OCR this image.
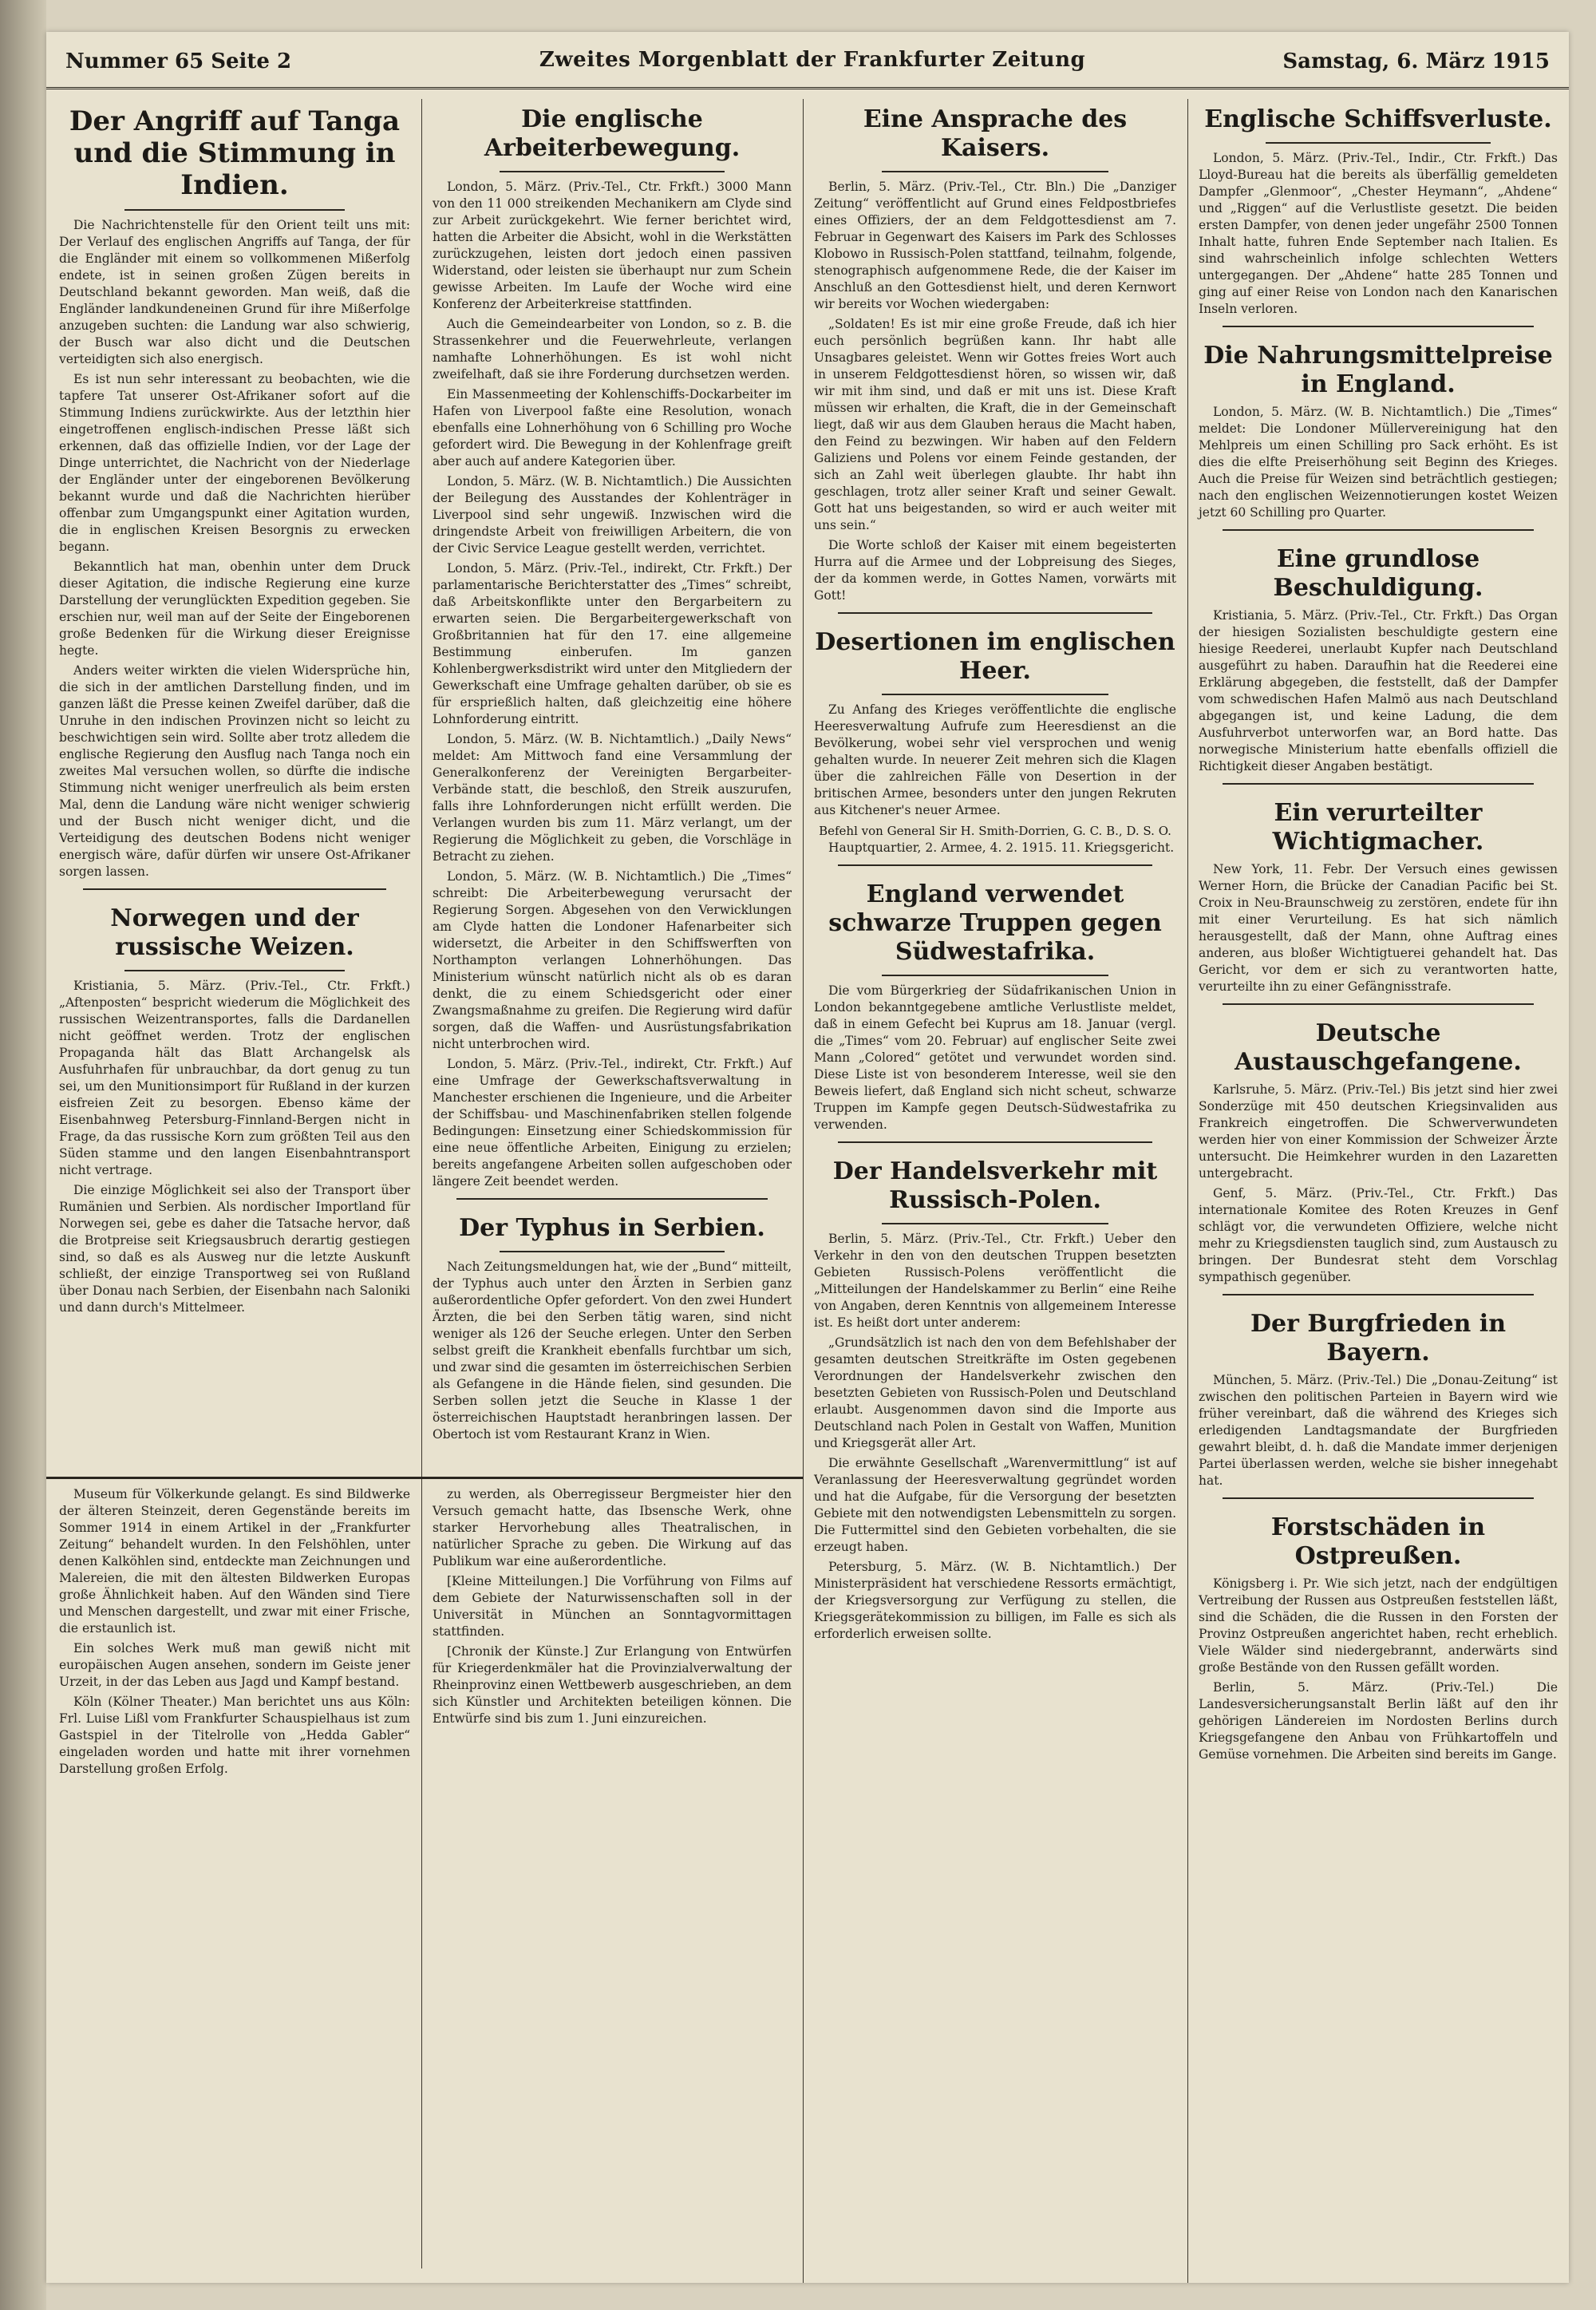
Nummer 65 Seite 2	Zweites Morgenblatt der Frankfurter Zeitung	Samstag, 6. März 1915
Der Angriff auf Tanga und die Stimmung in Indien.

Die Nachrichtenstelle für den Orient teilt uns mit: Der Verlauf des englischen Angriffs auf Tanga, der für die Engländer mit einem so vollkommenen Mißerfolg endete, ist in seinen großen Zügen bereits in Deutschland bekannt geworden. Man weiß, daß die Engländer landkundeneinen Grund für ihre Mißerfolge anzugeben suchten: die Landung war also schwierig, der Busch war also dicht und die Deutschen verteidigten sich also energisch.

Es ist nun sehr interessant zu beobachten, wie die tapfere Tat unserer Ost-Afrikaner sofort auf die Stimmung Indiens zurückwirkte. Aus der letzthin hier eingetroffenen englisch-indischen Presse läßt sich erkennen, daß das offizielle Indien, vor der Lage der Dinge unterrichtet, die Nachricht von der Niederlage der Engländer unter der eingeborenen Bevölkerung bekannt wurde und daß die Nachrichten hierüber offenbar zum Umgangspunkt einer Agitation wurden, die in englischen Kreisen Besorgnis zu erwecken begann.

Bekanntlich hat man, obenhin unter dem Druck dieser Agitation, die indische Regierung eine kurze Darstellung der verunglückten Expedition gegeben. Sie erschien nur, weil man auf der Seite der Eingeborenen große Bedenken für die Wirkung dieser Ereignisse hegte.

Anders weiter wirkten die vielen Widersprüche hin, die sich in der amtlichen Darstellung finden, und im ganzen läßt die Presse keinen Zweifel darüber, daß die Unruhe in den indischen Provinzen nicht so leicht zu beschwichtigen sein wird. Sollte aber trotz alledem die englische Regierung den Ausflug nach Tanga noch ein zweites Mal versuchen wollen, so dürfte die indische Stimmung nicht weniger unerfreulich als beim ersten Mal, denn die Landung wäre nicht weniger schwierig und der Busch nicht weniger dicht, und die Verteidigung des deutschen Bodens nicht weniger energisch wäre, dafür dürfen wir unsere Ost-Afrikaner sorgen lassen.

Norwegen und der russische Weizen.

Kristiania, 5. März. (Priv.-Tel., Ctr. Frkft.) „Aftenposten“ bespricht wiederum die Möglichkeit des russischen Weizentransportes, falls die Dardanellen nicht geöffnet werden. Trotz der englischen Propaganda hält das Blatt Archangelsk als Ausfuhrhafen für unbrauchbar, da dort genug zu tun sei, um den Munitionsimport für Rußland in der kurzen eisfreien Zeit zu besorgen. Ebenso käme der Eisenbahnweg Petersburg-Finnland-Bergen nicht in Frage, da das russische Korn zum größten Teil aus den Süden stamme und den langen Eisenbahntransport nicht vertrage.

Die einzige Möglichkeit sei also der Transport über Rumänien und Serbien. Als nordischer Importland für Norwegen sei, gebe es daher die Tatsache hervor, daß die Brotpreise seit Kriegsausbruch derartig gestiegen sind, so daß es als Ausweg nur die letzte Auskunft schließt, der einzige Transportweg sei von Rußland über Donau nach Serbien, der Eisenbahn nach Saloniki und dann durch's Mittelmeer.

Die englische Arbeiterbewegung.

London, 5. März. (Priv.-Tel., Ctr. Frkft.) 3000 Mann von den 11 000 streikenden Mechanikern am Clyde sind zur Arbeit zurückgekehrt. Wie ferner berichtet wird, hatten die Arbeiter die Absicht, wohl in die Werkstätten zurückzugehen, leisten dort jedoch einen passiven Widerstand, oder leisten sie überhaupt nur zum Schein gewisse Arbeiten. Im Laufe der Woche wird eine Konferenz der Arbeiterkreise stattfinden.

Auch die Gemeindearbeiter von London, so z. B. die Strassenkehrer und die Feuerwehrleute, verlangen namhafte Lohnerhöhungen. Es ist wohl nicht zweifelhaft, daß sie ihre Forderung durchsetzen werden.

Ein Massenmeeting der Kohlenschiffs-Dockarbeiter im Hafen von Liverpool faßte eine Resolution, wonach ebenfalls eine Lohnerhöhung von 6 Schilling pro Woche gefordert wird. Die Bewegung in der Kohlenfrage greift aber auch auf andere Kategorien über.

London, 5. März. (W. B. Nichtamtlich.) Die Aussichten der Beilegung des Ausstandes der Kohlenträger in Liverpool sind sehr ungewiß. Inzwischen wird die dringendste Arbeit von freiwilligen Arbeitern, die von der Civic Service League gestellt werden, verrichtet.

London, 5. März. (Priv.-Tel., indirekt, Ctr. Frkft.) Der parlamentarische Berichterstatter des „Times“ schreibt, daß Arbeitskonflikte unter den Bergarbeitern zu erwarten seien. Die Bergarbeitergewerkschaft von Großbritannien hat für den 17. eine allgemeine Bestimmung einberufen. Im ganzen Kohlenbergwerksdistrikt wird unter den Mitgliedern der Gewerkschaft eine Umfrage gehalten darüber, ob sie es für ersprießlich halten, daß gleichzeitig eine höhere Lohnforderung eintritt.

London, 5. März. (W. B. Nichtamtlich.) „Daily News“ meldet: Am Mittwoch fand eine Versammlung der Generalkonferenz der Vereinigten Bergarbeiter-Verbände statt, die beschloß, den Streik auszurufen, falls ihre Lohnforderungen nicht erfüllt werden. Die Verlangen wurden bis zum 11. März verlangt, um der Regierung die Möglichkeit zu geben, die Vorschläge in Betracht zu ziehen.

London, 5. März. (W. B. Nichtamtlich.) Die „Times“ schreibt: Die Arbeiterbewegung verursacht der Regierung Sorgen. Abgesehen von den Verwicklungen am Clyde hatten die Londoner Hafenarbeiter sich widersetzt, die Arbeiter in den Schiffswerften von Northampton verlangen Lohnerhöhungen. Das Ministerium wünscht natürlich nicht als ob es daran denkt, die zu einem Schiedsgericht oder einer Zwangsmaßnahme zu greifen. Die Regierung wird dafür sorgen, daß die Waffen- und Ausrüstungsfabrikation nicht unterbrochen wird.

London, 5. März. (Priv.-Tel., indirekt, Ctr. Frkft.) Auf eine Umfrage der Gewerkschaftsverwaltung in Manchester erschienen die Ingenieure, und die Arbeiter der Schiffsbau- und Maschinenfabriken stellen folgende Bedingungen: Einsetzung einer Schiedskommission für eine neue öffentliche Arbeiten, Einigung zu erzielen; bereits angefangene Arbeiten sollen aufgeschoben oder längere Zeit beendet werden.

Der Typhus in Serbien.

Nach Zeitungsmeldungen hat, wie der „Bund“ mitteilt, der Typhus auch unter den Ärzten in Serbien ganz außerordentliche Opfer gefordert. Von den zwei Hundert Ärzten, die bei den Serben tätig waren, sind nicht weniger als 126 der Seuche erlegen. Unter den Serben selbst greift die Krankheit ebenfalls furchtbar um sich, und zwar sind die gesamten im österreichischen Serbien als Gefangene in die Hände fielen, sind gesunden. Die Serben sollen jetzt die Seuche in Klasse 1 der österreichischen Hauptstadt heranbringen lassen. Der Obertoch ist vom Restaurant Kranz in Wien.

Eine Ansprache des Kaisers.

Berlin, 5. März. (Priv.-Tel., Ctr. Bln.) Die „Danziger Zeitung“ veröffentlicht auf Grund eines Feldpostbriefes eines Offiziers, der an dem Feldgottesdienst am 7. Februar in Gegenwart des Kaisers im Park des Schlosses Klobowo in Russisch-Polen stattfand, teilnahm, folgende, stenographisch aufgenommene Rede, die der Kaiser im Anschluß an den Gottesdienst hielt, und deren Kernwort wir bereits vor Wochen wiedergaben:

„Soldaten! Es ist mir eine große Freude, daß ich hier euch persönlich begrüßen kann. Ihr habt alle Unsagbares geleistet. Wenn wir Gottes freies Wort auch in unserem Feldgottesdienst hören, so wissen wir, daß wir mit ihm sind, und daß er mit uns ist. Diese Kraft müssen wir erhalten, die Kraft, die in der Gemeinschaft liegt, daß wir aus dem Glauben heraus die Macht haben, den Feind zu bezwingen. Wir haben auf den Feldern Galiziens und Polens vor einem Feinde gestanden, der sich an Zahl weit überlegen glaubte. Ihr habt ihn geschlagen, trotz aller seiner Kraft und seiner Gewalt. Gott hat uns beigestanden, so wird er auch weiter mit uns sein.“

Die Worte schloß der Kaiser mit einem begeisterten Hurra auf die Armee und der Lobpreisung des Sieges, der da kommen werde, in Gottes Namen, vorwärts mit Gott!

Desertionen im englischen Heer.

Zu Anfang des Krieges veröffentlichte die englische Heeresverwaltung Aufrufe zum Heeresdienst an die Bevölkerung, wobei sehr viel versprochen und wenig gehalten wurde. In neuerer Zeit mehren sich die Klagen über die zahlreichen Fälle von Desertion in der britischen Armee, besonders unter den jungen Rekruten aus Kitchener's neuer Armee.

Befehl von General Sir H. Smith-Dorrien, G. C. B., D. S. O.

Hauptquartier, 2. Armee, 4. 2. 1915. 11. Kriegsgericht.

England verwendet schwarze Truppen gegen Südwestafrika.

Die vom Bürgerkrieg der Südafrikanischen Union in London bekanntgegebene amtliche Verlustliste meldet, daß in einem Gefecht bei Kuprus am 18. Januar (vergl. die „Times“ vom 20. Februar) auf englischer Seite zwei Mann „Colored“ getötet und verwundet worden sind. Diese Liste ist von besonderem Interesse, weil sie den Beweis liefert, daß England sich nicht scheut, schwarze Truppen im Kampfe gegen Deutsch-Südwestafrika zu verwenden.

Der Handelsverkehr mit Russisch-Polen.

Berlin, 5. März. (Priv.-Tel., Ctr. Frkft.) Ueber den Verkehr in den von den deutschen Truppen besetzten Gebieten Russisch-Polens veröffentlicht die „Mitteilungen der Handelskammer zu Berlin“ eine Reihe von Angaben, deren Kenntnis von allgemeinem Interesse ist. Es heißt dort unter anderem:

„Grundsätzlich ist nach den von dem Befehlshaber der gesamten deutschen Streitkräfte im Osten gegebenen Verordnungen der Handelsverkehr zwischen den besetzten Gebieten von Russisch-Polen und Deutschland erlaubt. Ausgenommen davon sind die Importe aus Deutschland nach Polen in Gestalt von Waffen, Munition und Kriegsgerät aller Art.

Die erwähnte Gesellschaft „Warenvermittlung“ ist auf Veranlassung der Heeresverwaltung gegründet worden und hat die Aufgabe, für die Versorgung der besetzten Gebiete mit den notwendigsten Lebensmitteln zu sorgen. Die Futtermittel sind den Gebieten vorbehalten, die sie erzeugt haben.

Petersburg, 5. März. (W. B. Nichtamtlich.) Der Ministerpräsident hat verschiedene Ressorts ermächtigt, der Kriegsversorgung zur Verfügung zu stellen, die Kriegsgerätekommission zu billigen, im Falle es sich als erforderlich erweisen sollte.

Englische Schiffsverluste.

London, 5. März. (Priv.-Tel., Indir., Ctr. Frkft.) Das Lloyd-Bureau hat die bereits als überfällig gemeldeten Dampfer „Glenmoor“, „Chester Heymann“, „Ahdene“ und „Riggen“ auf die Verlustliste gesetzt. Die beiden ersten Dampfer, von denen jeder ungefähr 2500 Tonnen Inhalt hatte, fuhren Ende September nach Italien. Es sind wahrscheinlich infolge schlechten Wetters untergegangen. Der „Ahdene“ hatte 285 Tonnen und ging auf einer Reise von London nach den Kanarischen Inseln verloren.

Die Nahrungsmittelpreise in England.

London, 5. März. (W. B. Nichtamtlich.) Die „Times“ meldet: Die Londoner Müllervereinigung hat den Mehlpreis um einen Schilling pro Sack erhöht. Es ist dies die elfte Preiserhöhung seit Beginn des Krieges. Auch die Preise für Weizen sind beträchtlich gestiegen; nach den englischen Weizennotierungen kostet Weizen jetzt 60 Schilling pro Quarter.

Eine grundlose Beschuldigung.

Kristiania, 5. März. (Priv.-Tel., Ctr. Frkft.) Das Organ der hiesigen Sozialisten beschuldigte gestern eine hiesige Reederei, unerlaubt Kupfer nach Deutschland ausgeführt zu haben. Daraufhin hat die Reederei eine Erklärung abgegeben, die feststellt, daß der Dampfer vom schwedischen Hafen Malmö aus nach Deutschland abgegangen ist, und keine Ladung, die dem Ausfuhrverbot unterworfen war, an Bord hatte. Das norwegische Ministerium hatte ebenfalls offiziell die Richtigkeit dieser Angaben bestätigt.

Ein verurteilter Wichtigmacher.

New York, 11. Febr. Der Versuch eines gewissen Werner Horn, die Brücke der Canadian Pacific bei St. Croix in Neu-Braunschweig zu zerstören, endete für ihn mit einer Verurteilung. Es hat sich nämlich herausgestellt, daß der Mann, ohne Auftrag eines anderen, aus bloßer Wichtigtuerei gehandelt hat. Das Gericht, vor dem er sich zu verantworten hatte, verurteilte ihn zu einer Gefängnisstrafe.

Deutsche Austauschgefangene.

Karlsruhe, 5. März. (Priv.-Tel.) Bis jetzt sind hier zwei Sonderzüge mit 450 deutschen Kriegsinvaliden aus Frankreich eingetroffen. Die Schwerverwundeten werden hier von einer Kommission der Schweizer Ärzte untersucht. Die Heimkehrer wurden in den Lazaretten untergebracht.

Genf, 5. März. (Priv.-Tel., Ctr. Frkft.) Das internationale Komitee des Roten Kreuzes in Genf schlägt vor, die verwundeten Offiziere, welche nicht mehr zu Kriegsdiensten tauglich sind, zum Austausch zu bringen. Der Bundesrat steht dem Vorschlag sympathisch gegenüber.

Der Burgfrieden in Bayern.

München, 5. März. (Priv.-Tel.) Die „Donau-Zeitung“ ist zwischen den politischen Parteien in Bayern wird wie früher vereinbart, daß die während des Krieges sich erledigenden Landtagsmandate der Burgfrieden gewahrt bleibt, d. h. daß die Mandate immer derjenigen Partei überlassen werden, welche sie bisher innegehabt hat.

Forstschäden in Ostpreußen.

Königsberg i. Pr. Wie sich jetzt, nach der endgültigen Vertreibung der Russen aus Ostpreußen feststellen läßt, sind die Schäden, die die Russen in den Forsten der Provinz Ostpreußen angerichtet haben, recht erheblich. Viele Wälder sind niedergebrannt, anderwärts sind große Bestände von den Russen gefällt worden.

Berlin, 5. März. (Priv.-Tel.) Die Landesversicherungsanstalt Berlin läßt auf den ihr gehörigen Ländereien im Nordosten Berlins durch Kriegsgefangene den Anbau von Frühkartoffeln und Gemüse vornehmen. Die Arbeiten sind bereits im Gange.

Museum für Völkerkunde gelangt. Es sind Bildwerke der älteren Steinzeit, deren Gegenstände bereits im Sommer 1914 in einem Artikel in der „Frankfurter Zeitung“ behandelt wurden. In den Felshöhlen, unter denen Kalköhlen sind, entdeckte man Zeichnungen und Malereien, die mit den ältesten Bildwerken Europas große Ähnlichkeit haben. Auf den Wänden sind Tiere und Menschen dargestellt, und zwar mit einer Frische, die erstaunlich ist.

Ein solches Werk muß man gewiß nicht mit europäischen Augen ansehen, sondern im Geiste jener Urzeit, in der das Leben aus Jagd und Kampf bestand.

Köln (Kölner Theater.) Man berichtet uns aus Köln: Frl. Luise Lißl vom Frankfurter Schauspielhaus ist zum Gastspiel in der Titelrolle von „Hedda Gabler“ eingeladen worden und hatte mit ihrer vornehmen Darstellung großen Erfolg.

zu werden, als Oberregisseur Bergmeister hier den Versuch gemacht hatte, das Ibsensche Werk, ohne starker Hervorhebung alles Theatralischen, in natürlicher Sprache zu geben. Die Wirkung auf das Publikum war eine außerordentliche.

[Kleine Mitteilungen.] Die Vorführung von Films auf dem Gebiete der Naturwissenschaften soll in der Universität in München an Sonntagvormittagen stattfinden.

[Chronik der Künste.] Zur Erlangung von Entwürfen für Kriegerdenkmäler hat die Provinzialverwaltung der Rheinprovinz einen Wettbewerb ausgeschrieben, an dem sich Künstler und Architekten beteiligen können. Die Entwürfe sind bis zum 1. Juni einzureichen.
